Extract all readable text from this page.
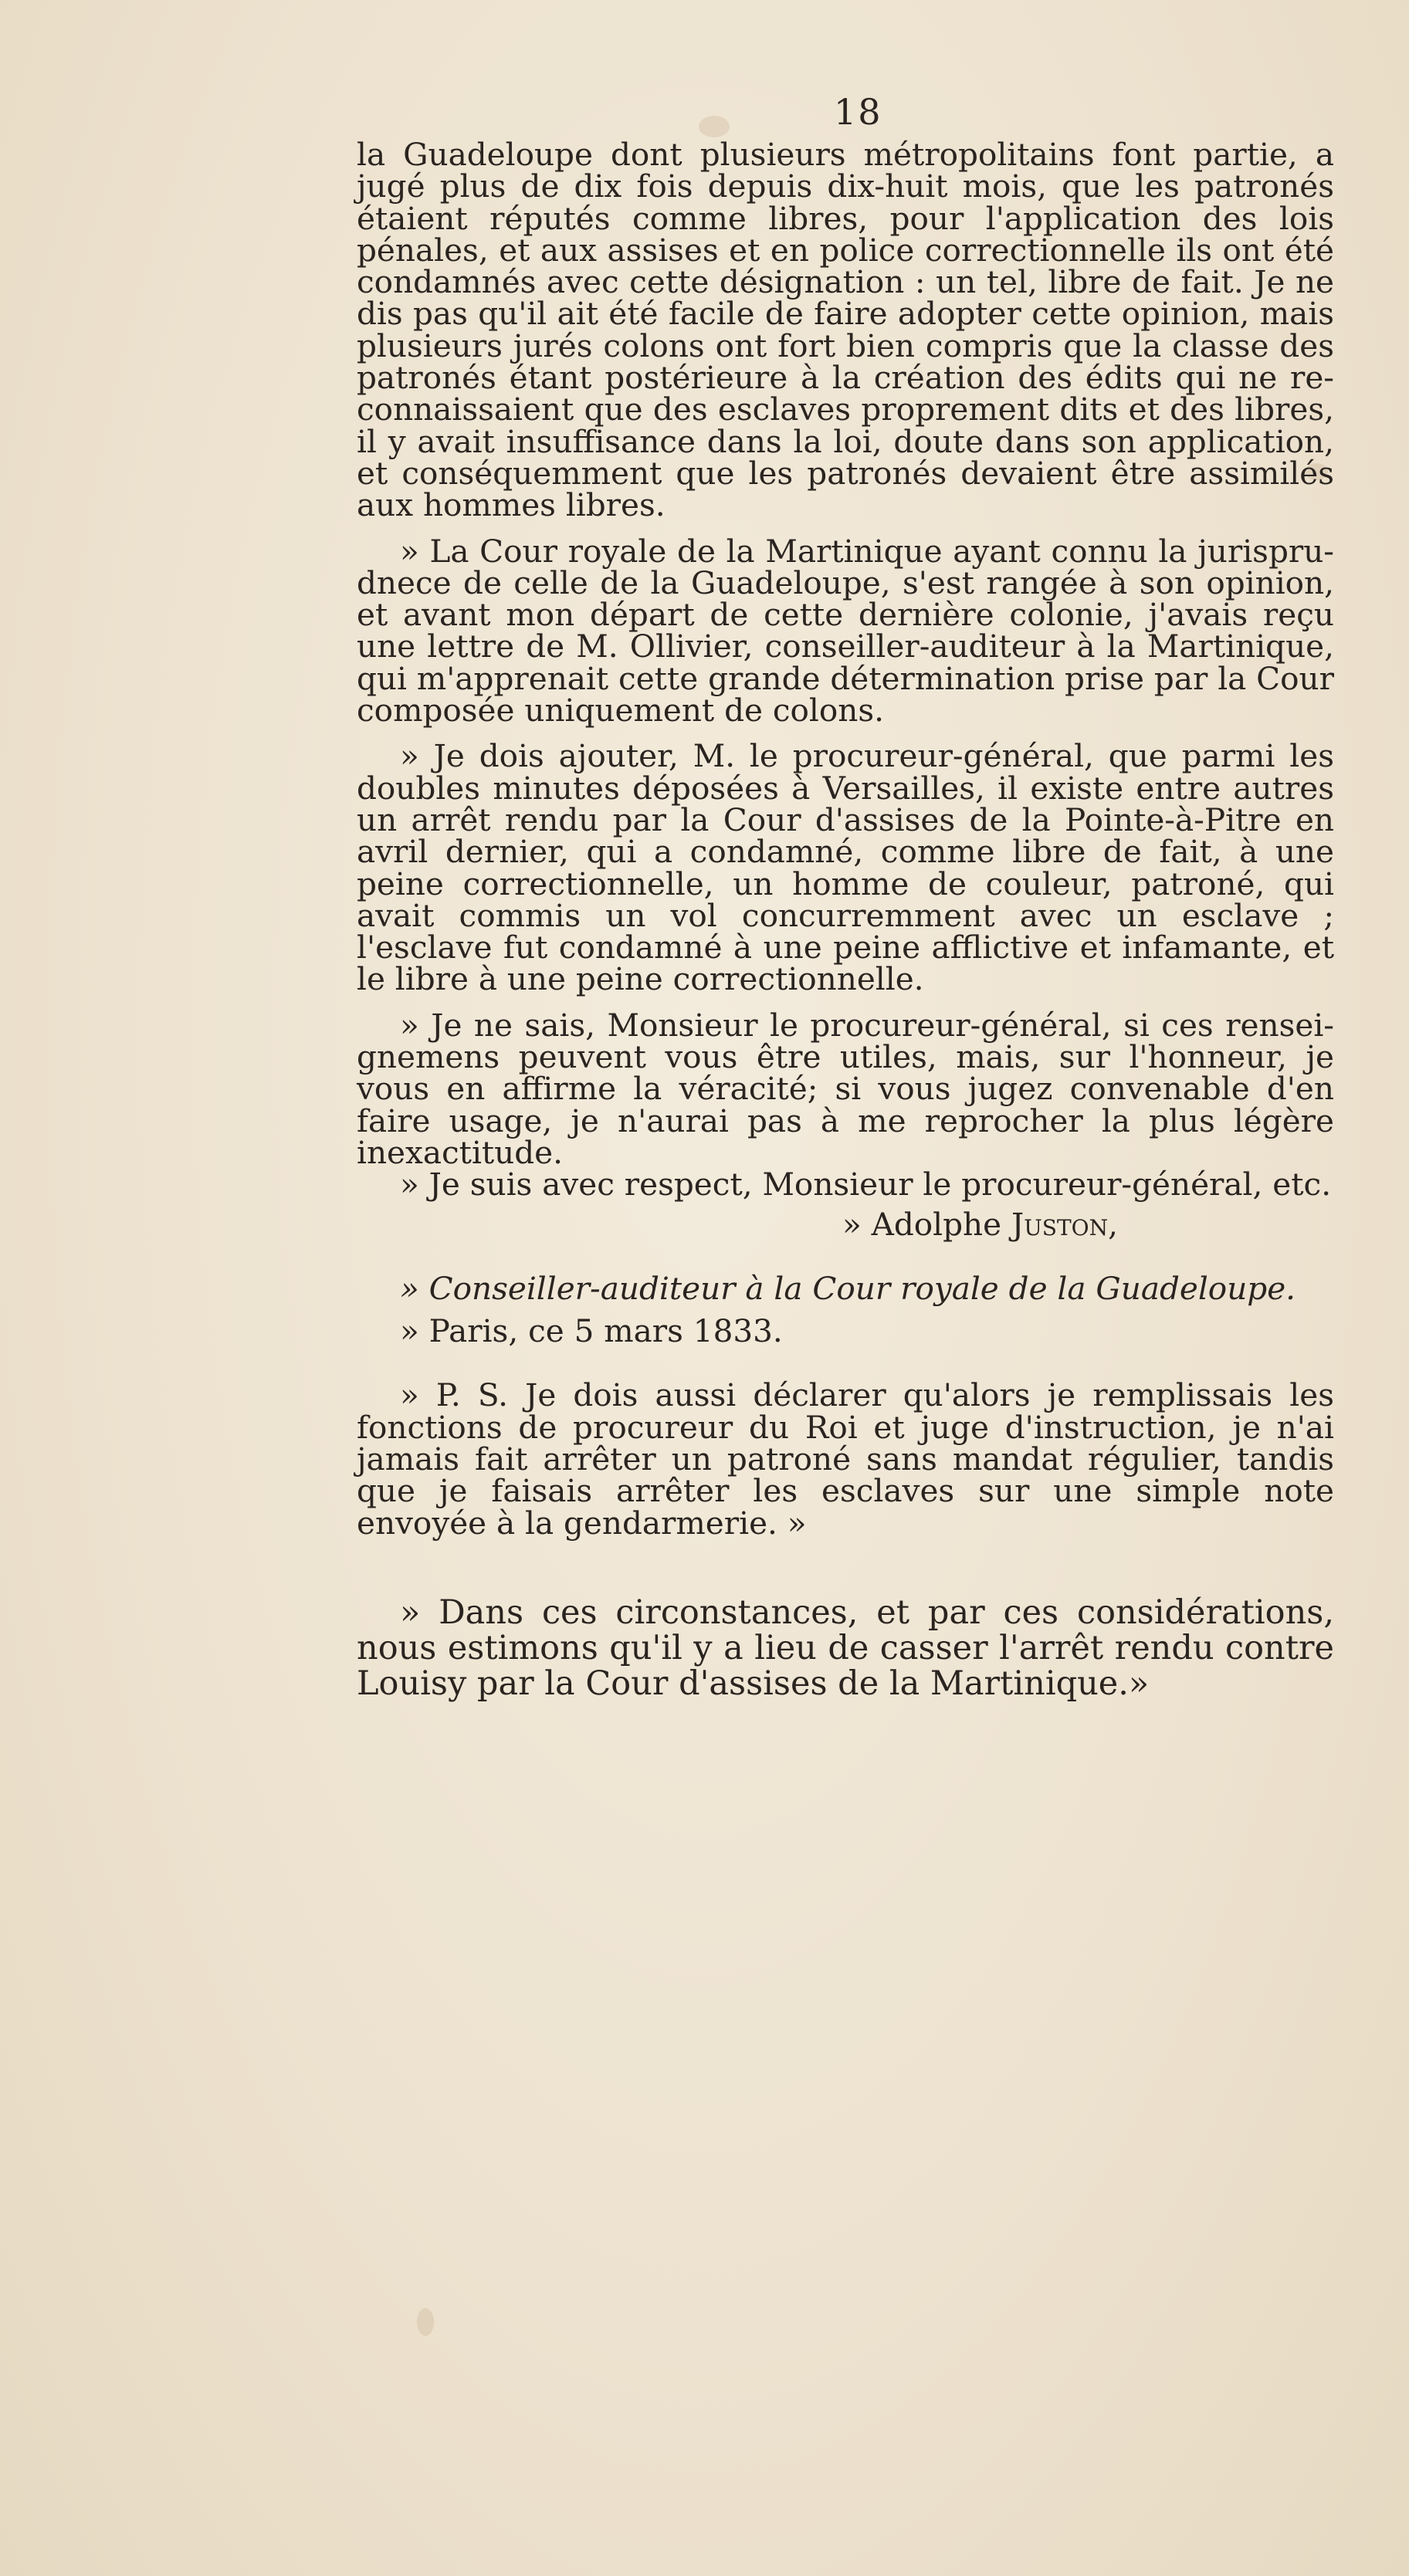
18

la Guadeloupe dont plusieurs métropolitains font partie, a jugé plus de dix fois depuis dix-huit mois, que les patronés étaient réputés comme libres, pour l'application des lois pénales, et aux assises et en police correctionnelle ils ont été condamnés avec cette désignation : un tel, libre de fait. Je ne dis pas qu'il ait été facile de faire adopter cette opinion, mais plusieurs jurés colons ont fort bien compris que la classe des patronés étant postérieure à la création des édits qui ne re-connaissaient que des esclaves proprement dits et des libres, il y avait insuffisance dans la loi, doute dans son application, et conséquemment que les patronés devaient être assimilés aux hommes libres.

» La Cour royale de la Martinique ayant connu la jurispru-dnece de celle de la Guadeloupe, s'est rangée à son opinion, et avant mon départ de cette dernière colonie, j'avais reçu une lettre de M. Ollivier, conseiller-auditeur à la Martinique, qui m'apprenait cette grande détermination prise par la Cour composée uniquement de colons.

» Je dois ajouter, M. le procureur-général, que parmi les doubles minutes déposées à Versailles, il existe entre autres un arrêt rendu par la Cour d'assises de la Pointe-à-Pitre en avril dernier, qui a condamné, comme libre de fait, à une peine correctionnelle, un homme de couleur, patroné, qui avait commis un vol concurremment avec un esclave ; l'esclave fut condamné à une peine afflictive et infamante, et le libre à une peine correctionnelle.

» Je ne sais, Monsieur le procureur-général, si ces rensei-gnemens peuvent vous être utiles, mais, sur l'honneur, je vous en affirme la véracité; si vous jugez convenable d'en faire usage, je n'aurai pas à me reprocher la plus légère inexactitude.

» Je suis avec respect, Monsieur le procureur-général, etc.

» Adolphe Juston,

» Conseiller-auditeur à la Cour royale de la Guadeloupe.

» Paris, ce 5 mars 1833.

» P. S. Je dois aussi déclarer qu'alors je remplissais les fonctions de procureur du Roi et juge d'instruction, je n'ai jamais fait arrêter un patroné sans mandat régulier, tandis que je faisais arrêter les esclaves sur une simple note envoyée à la gendarmerie. »

» Dans ces circonstances, et par ces considérations, nous estimons qu'il y a lieu de casser l'arrêt rendu contre Louisy par la Cour d'assises de la Martinique.»
